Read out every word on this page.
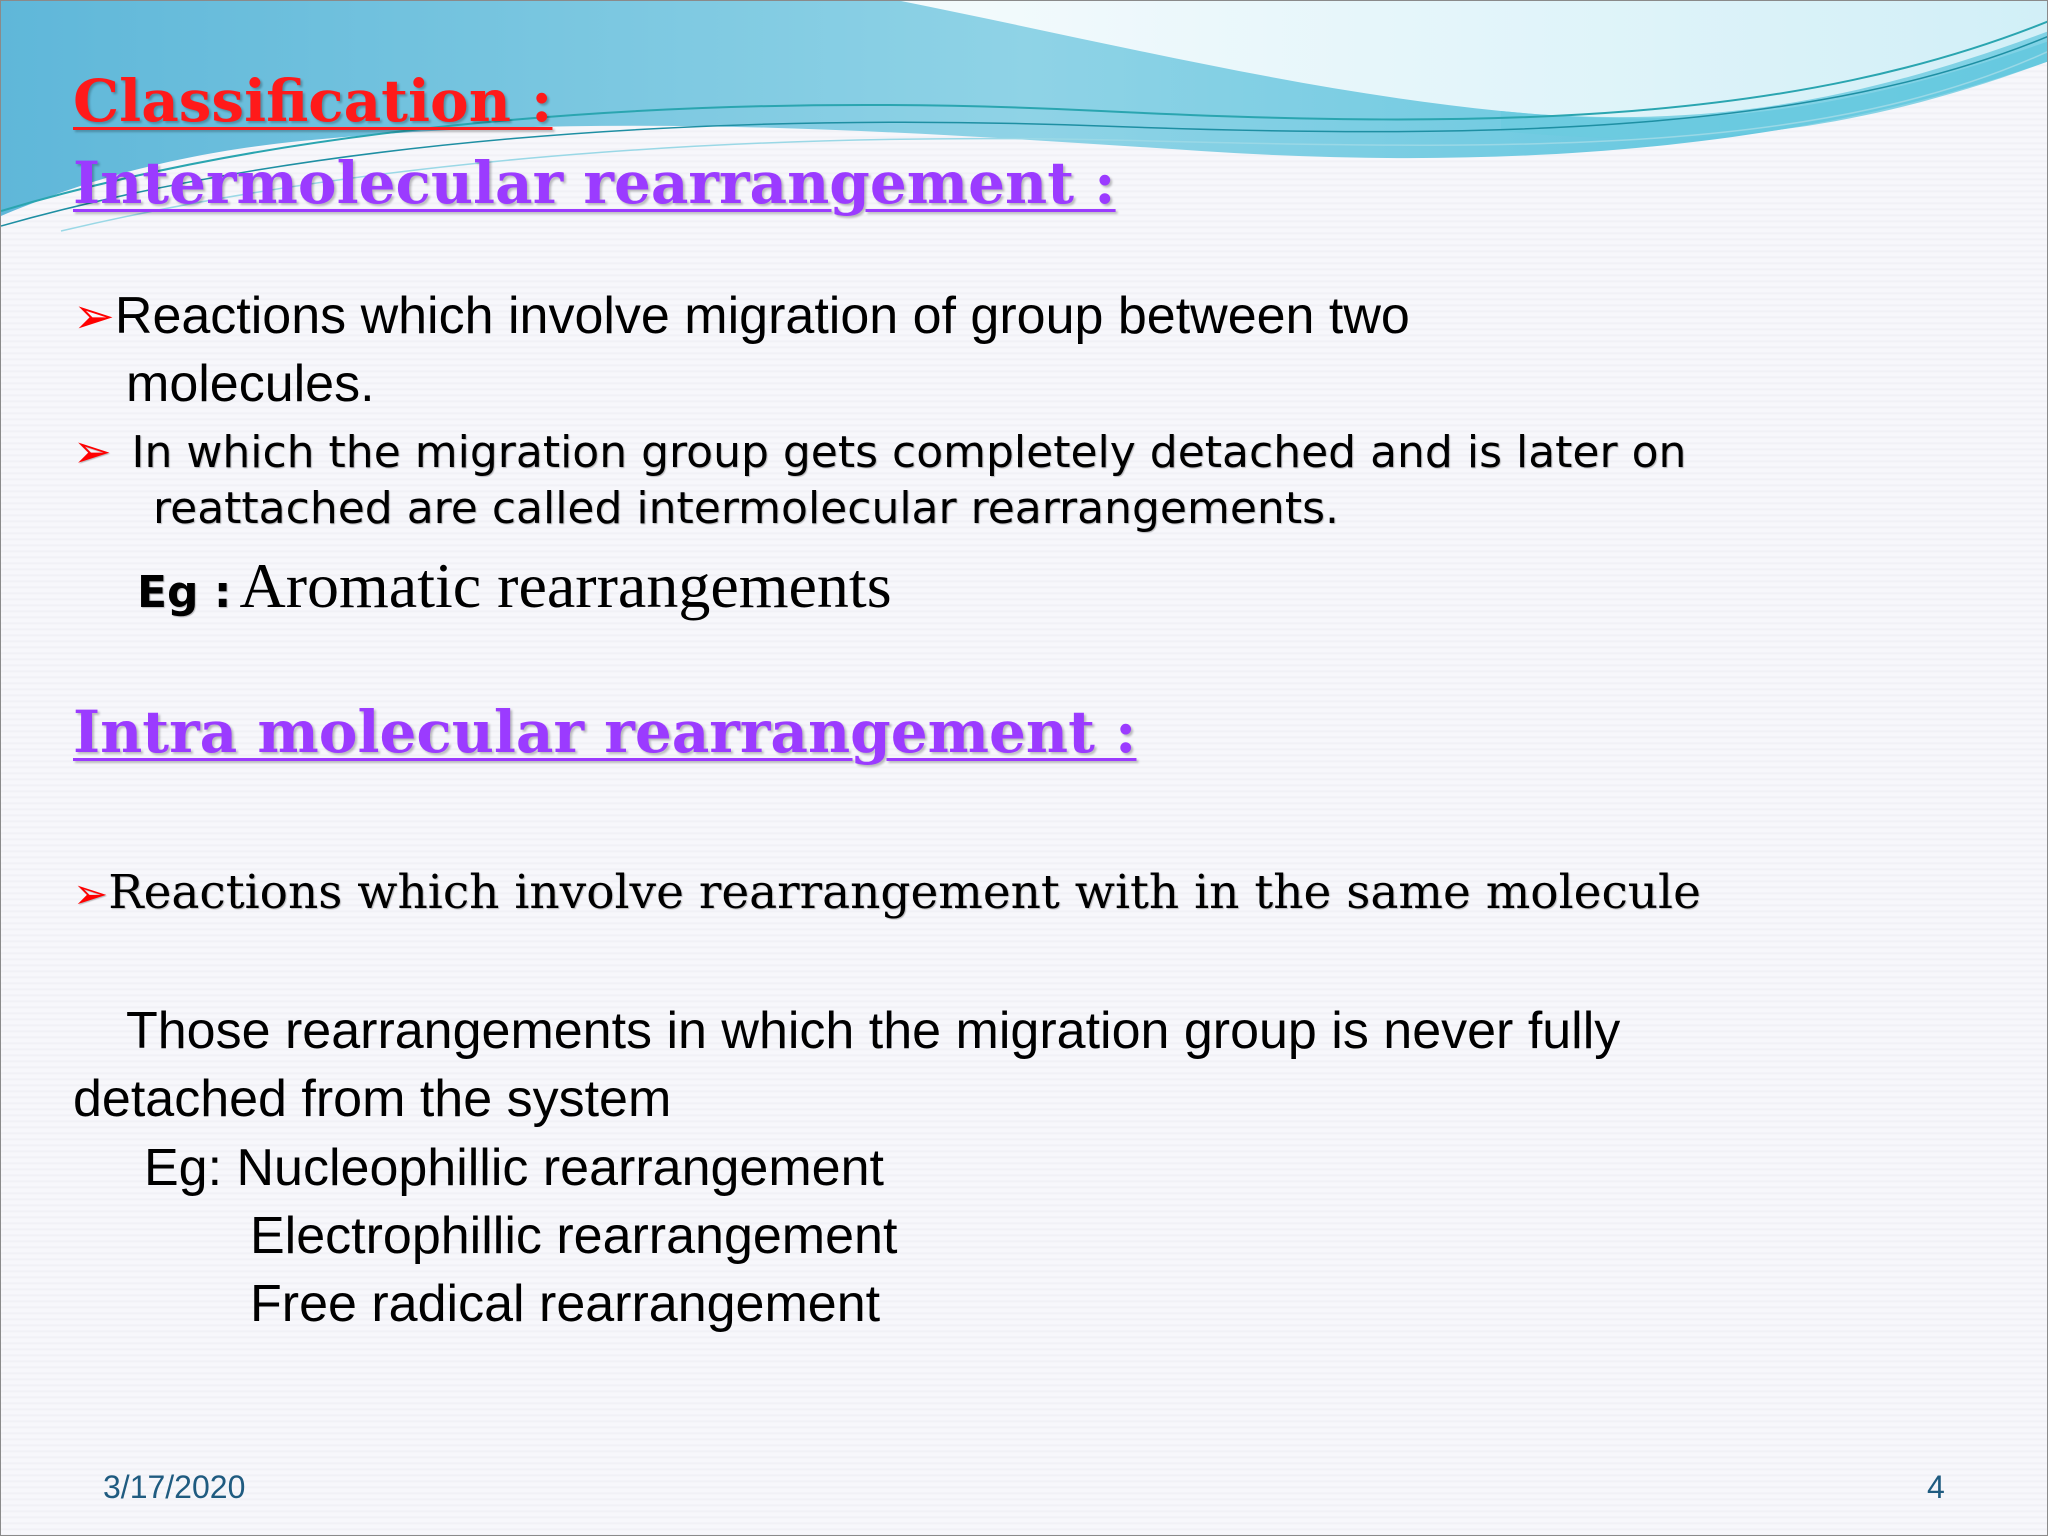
Classification :

Intermolecular rearrangement :

➢Reactions which involve migration of group between two

molecules.

➢ In which the migration group gets completely detached and is later on

reattached are called intermolecular rearrangements.

Eg : Aromatic rearrangements

Intra molecular rearrangement :

➢Reactions which involve rearrangement with in the same molecule

Those rearrangements in which the migration group is never fully

detached from the system

Eg: Nucleophillic rearrangement

Electrophillic rearrangement

Free radical rearrangement

3/17/2020	4
